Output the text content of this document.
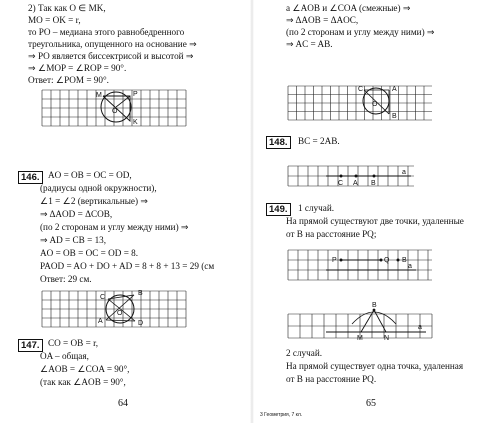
2) Так как O ∈ MK,
MO = OK = r,
то PO – медиана этого равнобедренного
треугольника, опущенного на основание ⇒
⇒ PO является биссектрисой и высотой ⇒
⇒ ∠MOP = ∠ROP = 90°.
Ответ: ∠POM = 90°.
M	P
O
K
146. AO = OB = OC = OD,
(радиусы одной окружности),
∠1 = ∠2 (вертикальные) ⇒
⇒ ΔAOD = ΔCOB,
(по 2 сторонам и углу между ними) ⇒
⇒ AD = CB = 13,
AO = OB = OC = OD = 8.
PAOD = AO + DO + AD = 8 + 8 + 13 = 29 (см
Ответ: 29 см.
C
B
O
A	D
147. CO = OB = r,
OA – общая,
∠AOB = ∠COA = 90°,
(так как ∠AOB = 90°,
64
a ∠AOB и ∠COA (смежные) ⇒
⇒ ΔAOB = ΔAOC,
(по 2 сторонам и углу между ними) ⇒
⇒ AC = AB.
C	A
O
B
148.	BC = 2AB.
C A B
a
149.	1 случай.
На прямой существуют две точки, удаленные
от B на расстояние PQ;
P	Q B
a
B
M	N
a
2 случай.
На прямой существует одна точка, удаленная
от B на расстояние PQ.
3 Геометрия, 7 кл.
65
